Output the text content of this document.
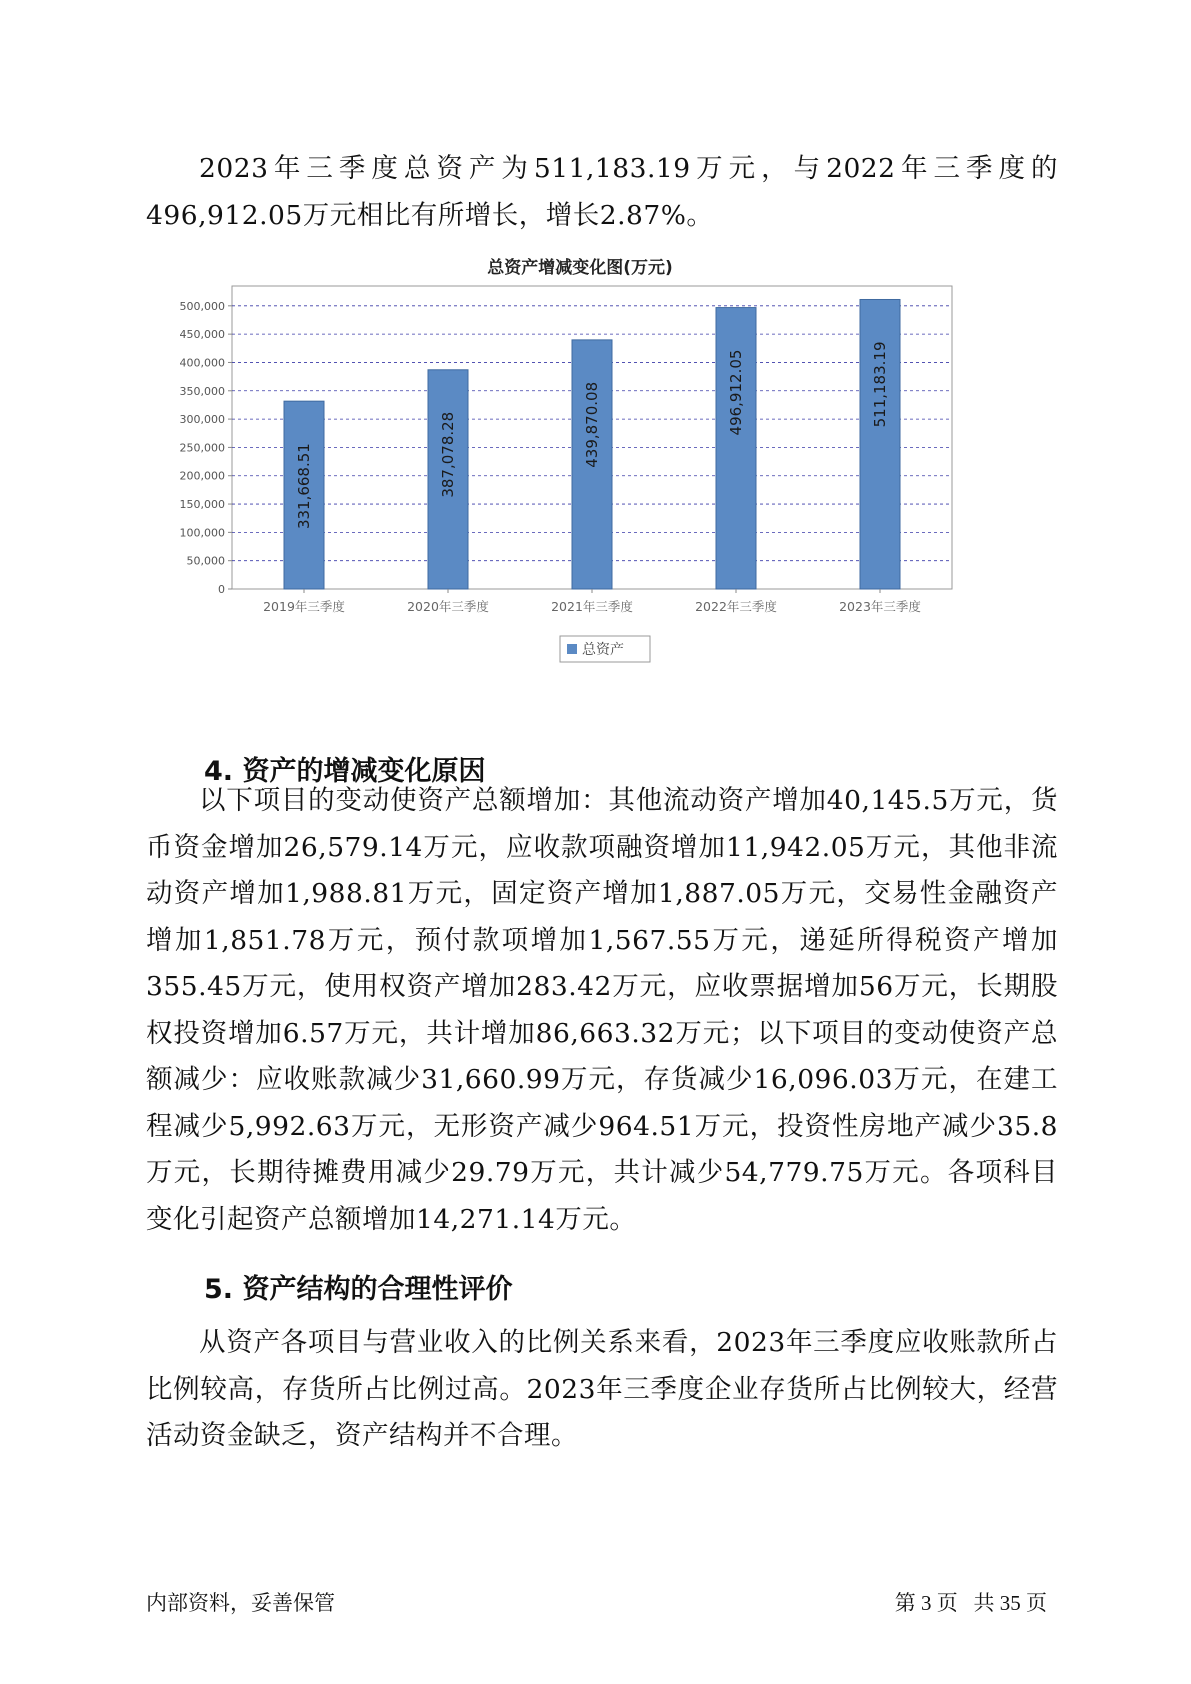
2023年三季度总资产为511,183.19万元，与2022年三季度的496,912.05万元相比有所增长，增长2.87%。

总资产增减变化图(万元)
0
50,000
100,000
150,000
200,000
250,000
300,000
350,000
400,000
450,000
500,000
331,668.51	387,078.28	439,870.08	496,912.05	511,183.19
2019年三季度	2020年三季度	2021年三季度	2022年三季度	2023年三季度
总资产
4. 资产的增减变化原因

以下项目的变动使资产总额增加：其他流动资产增加40,145.5万元，货币资金增加26,579.14万元，应收款项融资增加11,942.05万元，其他非流动资产增加1,988.81万元，固定资产增加1,887.05万元，交易性金融资产增加1,851.78万元，预付款项增加1,567.55万元，递延所得税资产增加355.45万元，使用权资产增加283.42万元，应收票据增加56万元，长期股权投资增加6.57万元，共计增加86,663.32万元；以下项目的变动使资产总额减少：应收账款减少31,660.99万元，存货减少16,096.03万元，在建工程减少5,992.63万元，无形资产减少964.51万元，投资性房地产减少35.8万元，长期待摊费用减少29.79万元，共计减少54,779.75万元。各项科目变化引起资产总额增加14,271.14万元。

5. 资产结构的合理性评价

从资产各项目与营业收入的比例关系来看，2023年三季度应收账款所占比例较高，存货所占比例过高。2023年三季度企业存货所占比例较大，经营活动资金缺乏，资产结构并不合理。

内部资料，妥善保管	第 3 页   共 35 页
